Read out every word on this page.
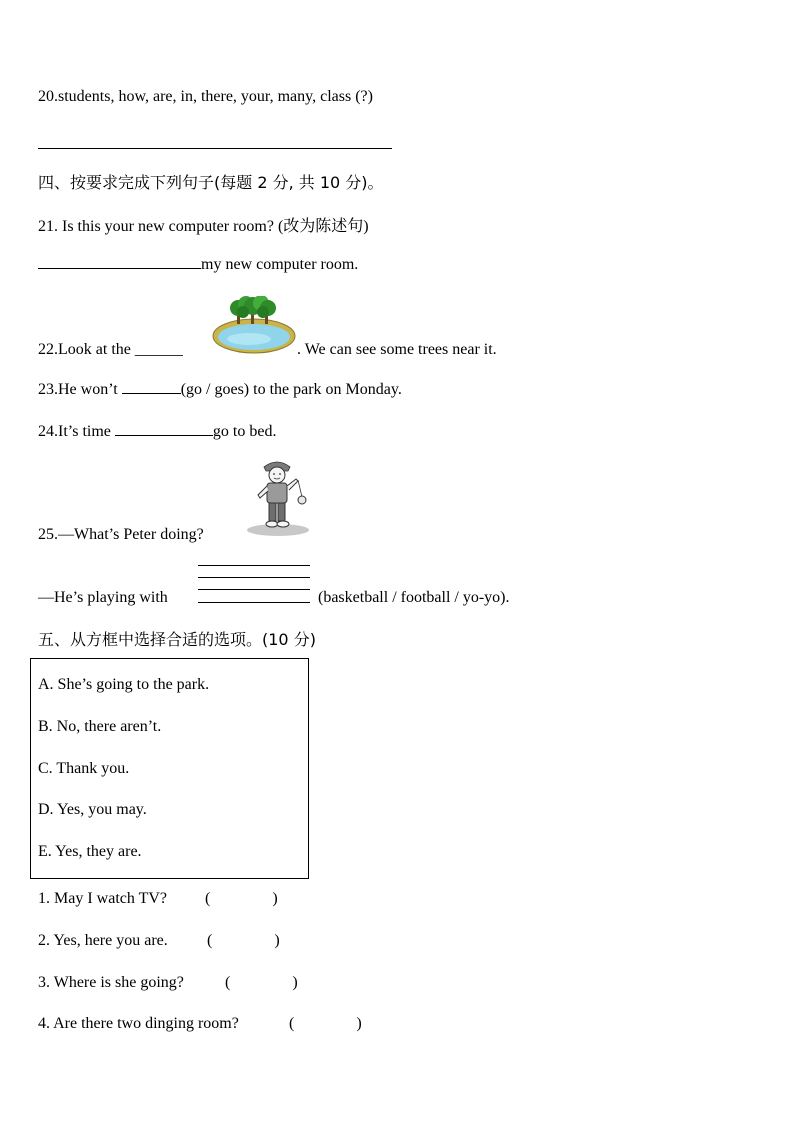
20.students, how, are, in, there, your, many, class (?)
四、按要求完成下列句子(每题 2 分, 共 10 分)。
21. Is this your new computer room? (改为陈述句)
my new computer room.
22.Look at the ______	. We can see some trees near it.
23.He won’t	(go / goes) to the park on Monday.
24.It’s time	go to bed.
25.—What’s Peter doing?
—He’s playing with	(basketball / football / yo-yo).
五、从方框中选择合适的选项。(10 分)
A. She’s going to the park.
B. No, there aren’t.
C. Thank you.
D. Yes, you may.
E. Yes, they are.
1. May I watch TV? (	)
2. Yes, here you are. (	)
3. Where is she going?	(	)
4. Are there two dinging room?	(	)
